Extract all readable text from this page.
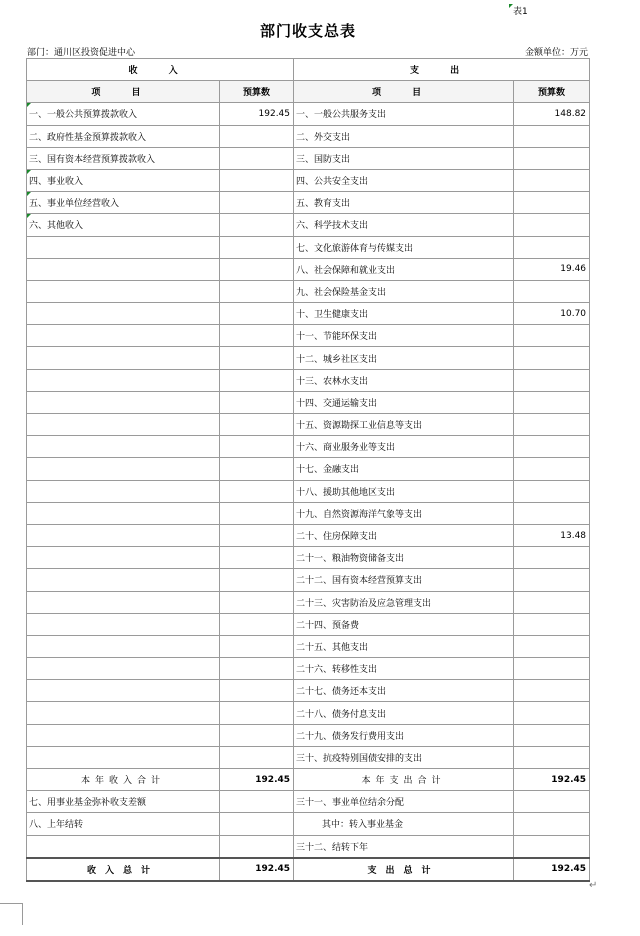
表1
部门收支总表
部门：通川区投资促进中心	金额单位：万元
收 入		支 出	
项 目	预算数	项 目	预算数

一、一般公共预算拨款收入	192.45	一、一般公共服务支出	148.82
二、政府性基金预算拨款收入		二、外交支出	
三、国有资本经营预算拨款收入		三、国防支出	

四、事业收入		四、公共安全支出	

五、事业单位经营收入		五、教育支出	

六、其他收入		六、科学技术支出	
		七、文化旅游体育与传媒支出	
		八、社会保障和就业支出	19.46
		九、社会保险基金支出	
		十、卫生健康支出	10.70
		十一、节能环保支出	
		十二、城乡社区支出	
		十三、农林水支出	
		十四、交通运输支出	
		十五、资源勘探工业信息等支出	
		十六、商业服务业等支出	
		十七、金融支出	
		十八、援助其他地区支出	
		十九、自然资源海洋气象等支出	
		二十、住房保障支出	13.48
		二十一、粮油物资储备支出	
		二十二、国有资本经营预算支出	
		二十三、灾害防治及应急管理支出	
		二十四、预备费	
		二十五、其他支出	
		二十六、转移性支出	
		二十七、债务还本支出	
		二十八、债务付息支出	
		二十九、债务发行费用支出	
		三十、抗疫特别国债安排的支出	
本年收入合计	192.45	本年支出合计	192.45
七、用事业基金弥补收支差额		三十一、事业单位结余分配	
八、上年结转		其中：转入事业基金	
		三十二、结转下年	
收入总计	192.45	支出总计	192.45
↵
